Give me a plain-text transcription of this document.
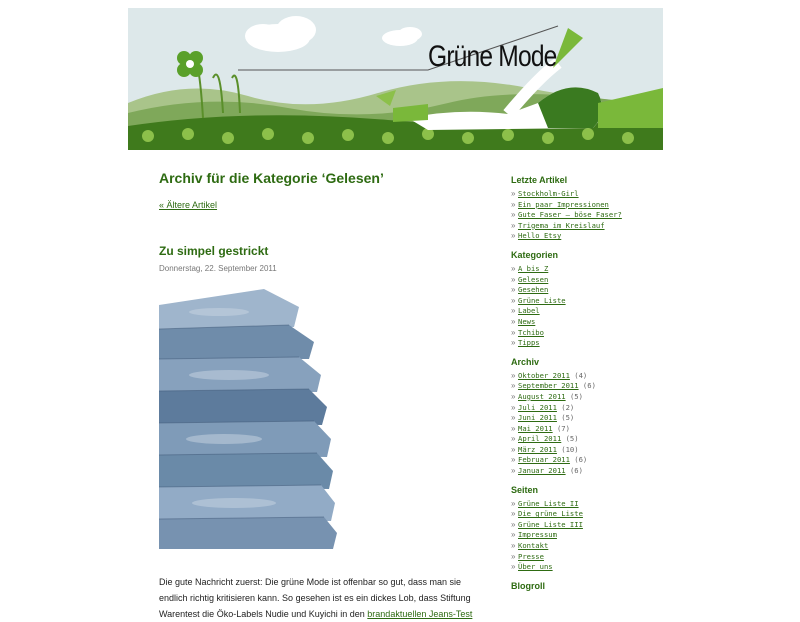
Grüne Mode
Archiv für die Kategorie ‘Gelesen’
« Ältere Artikel
Zu simpel gestrickt
Donnerstag, 22. September 2011
Die gute Nachricht zuerst: Die grüne Mode ist offenbar so gut, dass man sie
endlich richtig kritisieren kann. So gesehen ist es ein dickes Lob, dass Stiftung
Warentest die Öko-Labels Nudie und Kuyichi in den brandaktuellen Jeans-Test
Letzte Artikel
» Stockholm-Girl
» Ein paar Impressionen
» Gute Faser – böse Faser?
» Trigema im Kreislauf
» Hello Etsy
Kategorien
» A bis Z
» Gelesen
» Gesehen
» Grüne Liste
» Label
» News
» Tchibo
» Tipps
Archiv
» Oktober 2011 (4)
» September 2011 (6)
» August 2011 (5)
» Juli 2011 (2)
» Juni 2011 (5)
» Mai 2011 (7)
» April 2011 (5)
» März 2011 (10)
» Februar 2011 (6)
» Januar 2011 (6)
Seiten
» Grüne Liste II
» Die grüne Liste
» Grüne Liste III
» Impressum
» Kontakt
» Presse
» Über uns
Blogroll
